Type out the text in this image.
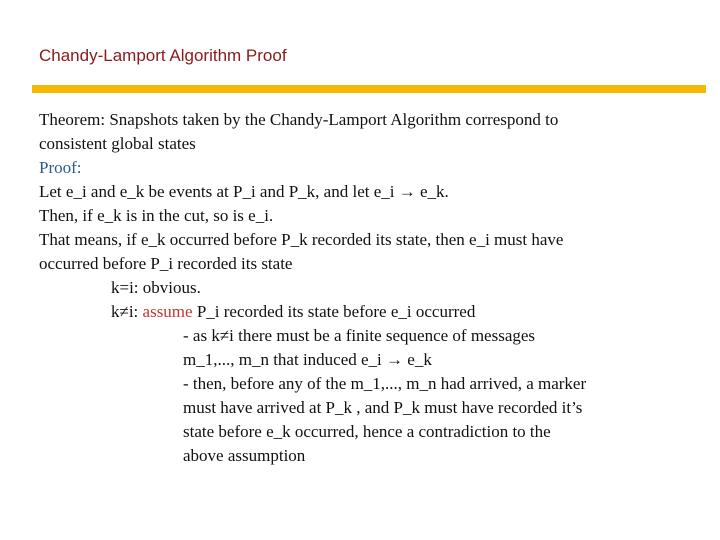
Chandy-Lamport Algorithm Proof
Theorem: Snapshots taken by the Chandy-Lamport Algorithm correspond to
consistent global states
Proof:
Let e_i and e_k be events at P_i and P_k, and let e_i → e_k.
Then, if e_k is in the cut, so is e_i.
That means, if e_k occurred before P_k recorded its state, then e_i must have
occurred before P_i recorded its state
k=i: obvious.
k≠i: assume P_i recorded its state before e_i occurred
- as k≠i there must be a finite sequence of messages
m_1,..., m_n that induced e_i → e_k
- then, before any of the m_1,..., m_n had arrived, a marker
must have arrived at P_k , and P_k must have recorded it’s
state before e_k occurred, hence a contradiction to the
above assumption
